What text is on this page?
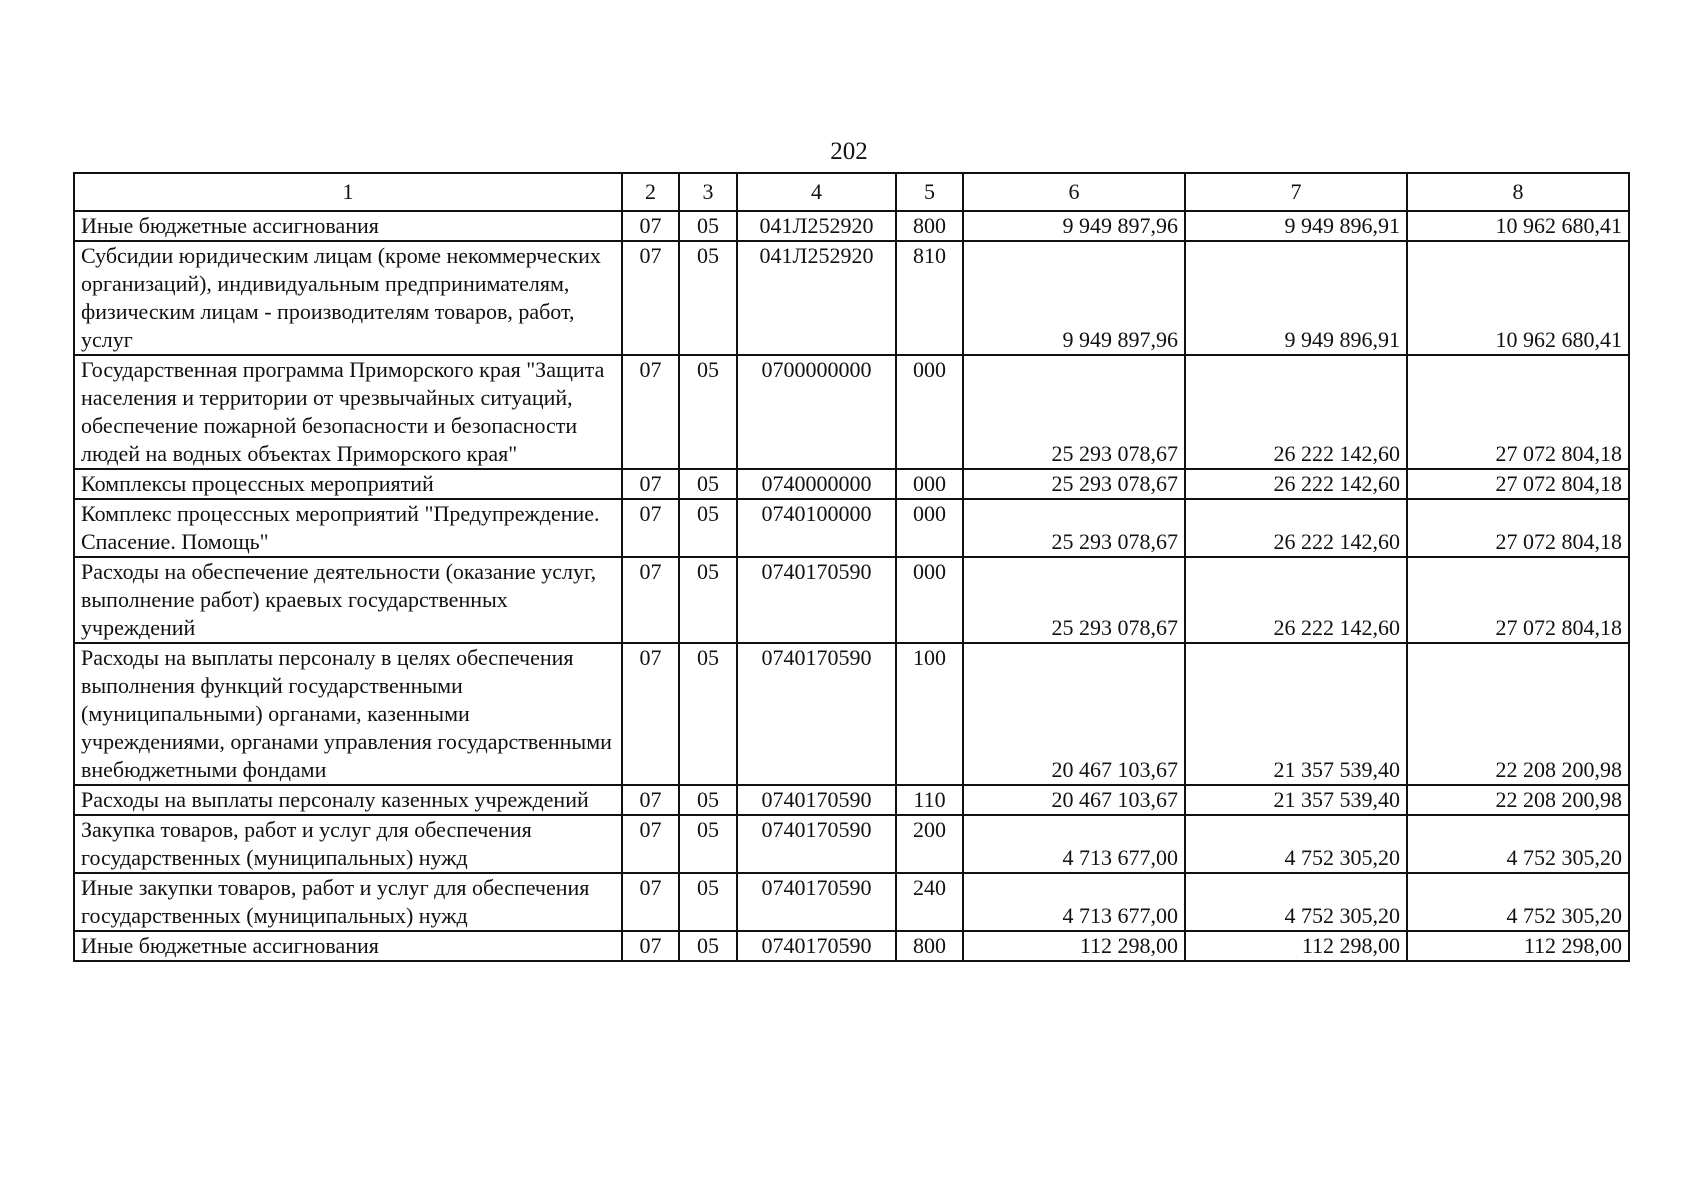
202
1	2	3	4	5	6	7	8
Иные бюджетные ассигнования	07	05	041Л252920	800	9 949 897,96	9 949 896,91	10 962 680,41
Субсидии юридическим лицам (кроме некоммерческих организаций), индивидуальным предпринимателям, физическим лицам - производителям товаров, работ, услуг	07	05	041Л252920	810	9 949 897,96	9 949 896,91	10 962 680,41
Государственная программа Приморского края "Защита населения и территории от чрезвычайных ситуаций, обеспечение пожарной безопасности и безопасности людей на водных объектах Приморского края"	07	05	0700000000	000	25 293 078,67	26 222 142,60	27 072 804,18
Комплексы процессных мероприятий	07	05	0740000000	000	25 293 078,67	26 222 142,60	27 072 804,18
Комплекс процессных мероприятий "Предупреждение. Спасение. Помощь"	07	05	0740100000	000	25 293 078,67	26 222 142,60	27 072 804,18
Расходы на обеспечение деятельности (оказание услуг, выполнение работ) краевых государственных учреждений	07	05	0740170590	000	25 293 078,67	26 222 142,60	27 072 804,18
Расходы на выплаты персоналу в целях обеспечения выполнения функций государственными (муниципальными) органами, казенными учреждениями, органами управления государственными внебюджетными фондами	07	05	0740170590	100	20 467 103,67	21 357 539,40	22 208 200,98
Расходы на выплаты персоналу казенных учреждений	07	05	0740170590	110	20 467 103,67	21 357 539,40	22 208 200,98
Закупка товаров, работ и услуг для обеспечения государственных (муниципальных) нужд	07	05	0740170590	200	4 713 677,00	4 752 305,20	4 752 305,20
Иные закупки товаров, работ и услуг для обеспечения государственных (муниципальных) нужд	07	05	0740170590	240	4 713 677,00	4 752 305,20	4 752 305,20
Иные бюджетные ассигнования	07	05	0740170590	800	112 298,00	112 298,00	112 298,00
